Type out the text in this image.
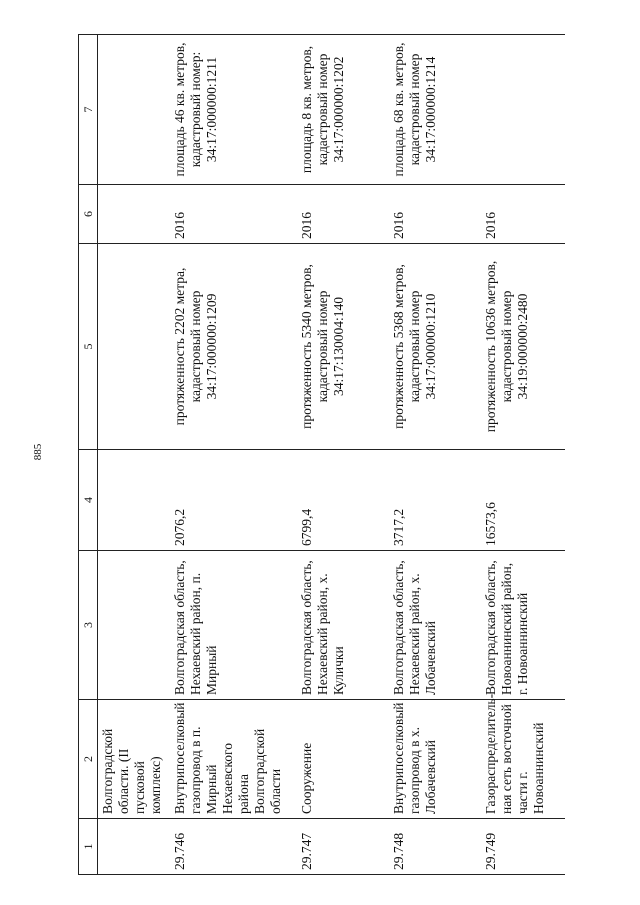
885
1	2	3	4	5	6	7
	Волгоградской области. (II пусковой комплекс)					
29.746	Внутрипоселковый газопровод в п. Мирный Нехаевского района Волгоградской области	Волгоградская область, Нехаевский район, п. Мирный	2076,2	протяженность 2202 метра, кадастровый номер 34:17:000000:1209	2016	площадь 46 кв. метров, кадастровый номер: 34:17:000000:1211
29.747	Сооружение	Волгоградская область, Нехаевский район, х. Кулички	6799,4	протяженность 5340 метров, кадастровый номер 34:17:130004:140	2016	площадь 8 кв. метров, кадастровый номер 34:17:000000:1202
29.748	Внутрипоселковый газопровод в х. Лобачевский	Волгоградская область, Нехаевский район, х. Лобачевский	3717,2	протяженность 5368 метров, кадастровый номер 34:17:000000:1210	2016	площадь 68 кв. метров, кадастровый номер 34:17:000000:1214
29.749	Газораспределитель-ная сеть восточной части г. Новоаннинский	Волгоградская область, Новоаннинский район, г. Новоаннинский	16573,6	протяженность 10636 метров, кадастровый номер 34:19:000000:2480	2016	
